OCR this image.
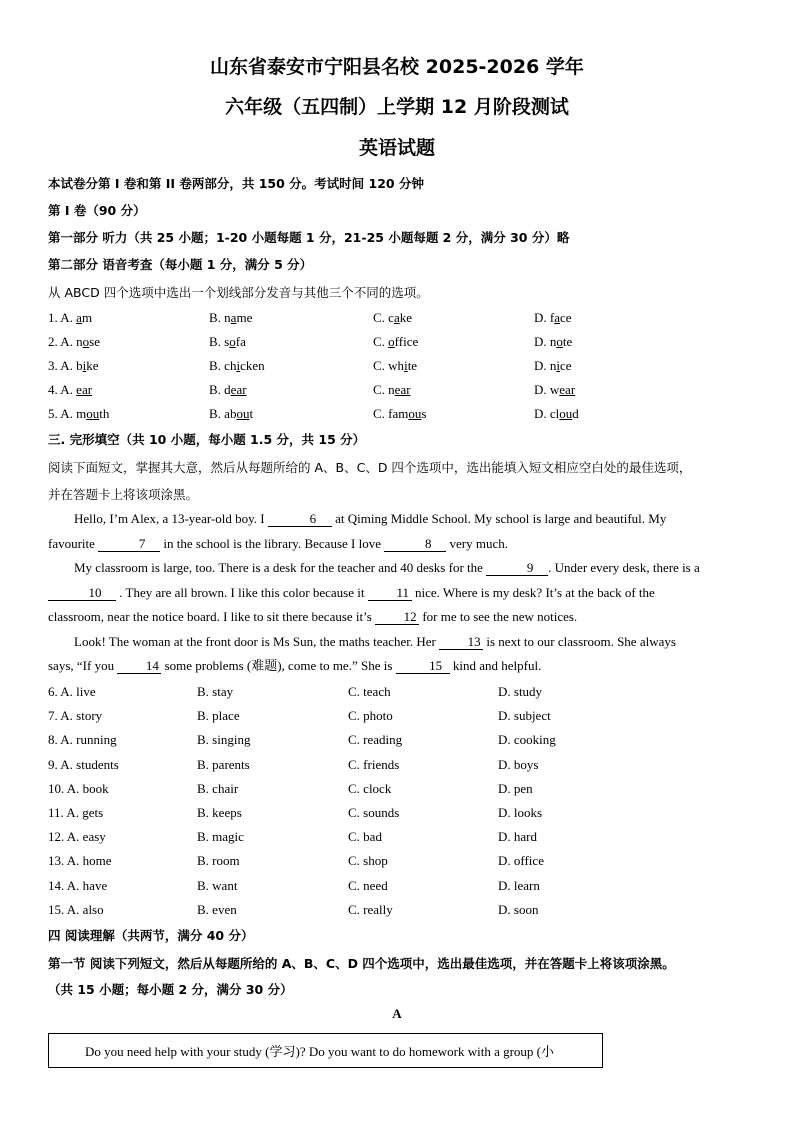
山东省泰安市宁阳县名校 2025-2026 学年
六年级（五四制）上学期 12 月阶段测试
英语试题
本试卷分第 I 卷和第 II 卷两部分，共 150 分。考试时间 120 分钟
第 I 卷（90 分）
第一部分 听力（共 25 小题；1-20 小题每题 1 分，21-25 小题每题 2 分，满分 30 分）略
第二部分 语音考查（每小题 1 分，满分 5 分）
从 ABCD 四个选项中选出一个划线部分发音与其他三个不同的选项。
1. A. am	B. name	C. cake	D. face
2. A. nose	B. sofa	C. office	D. note
3. A. bike	B. chicken	C. white	D. nice
4. A. ear	B. dear	C. near	D. wear
5. A. mouth	B. about	C. famous	D. cloud
三. 完形填空（共 10 小题，每小题 1.5 分，共 15 分）
阅读下面短文，掌握其大意，然后从每题所给的 A、B、C、D 四个选项中，选出能填入短文相应空白处的最佳选项，
并在答题卡上将该项涂黑。
Hello, I’m Alex, a 13-year-old boy. I	6 at Qiming Middle School. My school is large and beautiful. My
favourite	7 in the school is the library. Because I love	8 very much.
My classroom is large, too. There is a desk for the teacher and 40 desks for the	9 . Under every desk, there is a
10 . They are all brown. I like this color because it 11 nice. Where is my desk? It’s at the back of the
classroom, near the notice board. I like to sit there because it’s 12 for me to see the new notices.
Look! The woman at the front door is Ms Sun, the maths teacher. Her 13 is next to our classroom. She always
says, “If you 14 some problems (难题), come to me.” She is	15 kind and helpful.
6. A. live	B. stay	C. teach	D. study
7. A. story	B. place	C. photo	D. subject
8. A. running	B. singing	C. reading	D. cooking
9. A. students	B. parents	C. friends	D. boys
10. A. book	B. chair	C. clock	D. pen
11. A. gets	B. keeps	C. sounds	D. looks
12. A. easy	B. magic	C. bad	D. hard
13. A. home	B. room	C. shop	D. office
14. A. have	B. want	C. need	D. learn
15. A. also	B. even	C. really	D. soon
四 阅读理解（共两节，满分 40 分）
第一节 阅读下列短文，然后从每题所给的 A、B、C、D 四个选项中，选出最佳选项，并在答题卡上将该项涂黑。
（共 15 小题；每小题 2 分，满分 30 分）
A
Do you need help with your study (学习)? Do you want to do homework with a group (小
